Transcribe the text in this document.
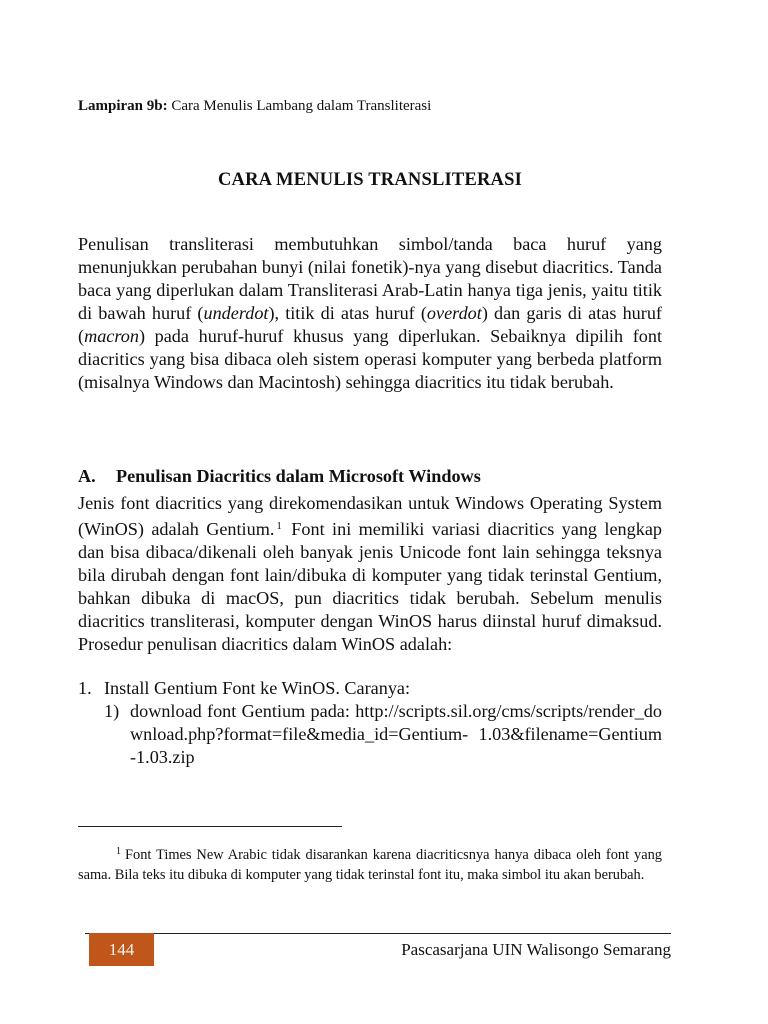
Lampiran 9b: Cara Menulis Lambang dalam Transliterasi
CARA MENULIS TRANSLITERASI
Penulisan transliterasi membutuhkan simbol/tanda baca huruf yang menunjukkan perubahan bunyi (nilai fonetik)-nya yang disebut diacritics. Tanda baca yang diperlukan dalam Transliterasi Arab-Latin hanya tiga jenis, yaitu titik di bawah huruf (underdot), titik di atas huruf (overdot) dan garis di atas huruf (macron) pada huruf-huruf khusus yang diperlukan. Sebaiknya dipilih font diacritics yang bisa dibaca oleh sistem operasi komputer yang berbeda platform (misalnya Windows dan Macintosh) sehingga diacritics itu tidak berubah.
A. Penulisan Diacritics dalam Microsoft Windows
Jenis font diacritics yang direkomendasikan untuk Windows Operating System (WinOS) adalah Gentium. $^1$ Font ini memiliki variasi diacritics yang lengkap dan bisa dibaca/dikenali oleh banyak jenis Unicode font lain sehingga teksnya bila dirubah dengan font lain/dibuka di komputer yang tidak terinstal Gentium, bahkan dibuka di macOS, pun diacritics tidak berubah. Sebelum menulis diacritics transliterasi, komputer dengan WinOS harus diinstal huruf dimaksud. Prosedur penulisan diacritics dalam WinOS adalah:
1. Install Gentium Font ke WinOS. Caranya:
1) download font Gentium pada: http://scripts.sil.org/cms/scripts/render_download.php?format=file&media_id=Gentium- 1.03&filename=Gentium-1.03.zip
$^1$ Font Times New Arabic tidak disarankan karena diacriticsnya hanya dibaca oleh font yang sama. Bila teks itu dibuka di komputer yang tidak terinstal font itu, maka simbol itu akan berubah.
144	Pascasarjana UIN Walisongo Semarang
